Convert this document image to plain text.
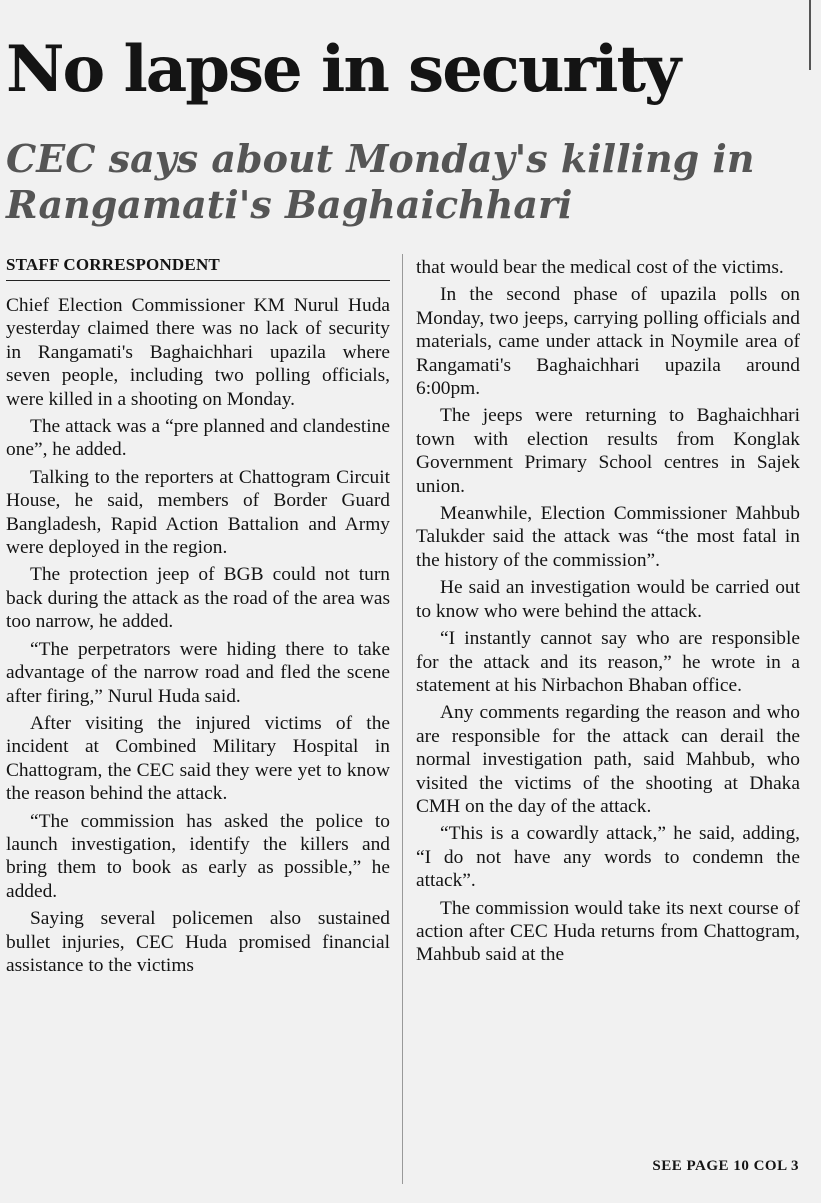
No lapse in security
CEC says about Monday's killing in Rangamati's Baghaichhari
STAFF CORRESPONDENT

Chief Election Commissioner KM Nurul Huda yesterday claimed there was no lack of security in Rangamati's Baghaichhari upazila where seven people, including two polling officials, were killed in a shooting on Monday.

The attack was a “pre planned and clandestine one”, he added.

Talking to the reporters at Chattogram Circuit House, he said, members of Border Guard Bangladesh, Rapid Action Battalion and Army were deployed in the region.

The protection jeep of BGB could not turn back during the attack as the road of the area was too narrow, he added.

“The perpetrators were hiding there to take advantage of the narrow road and fled the scene after firing,” Nurul Huda said.

After visiting the injured victims of the incident at Combined Military Hospital in Chattogram, the CEC said they were yet to know the reason behind the attack.

“The commission has asked the police to launch investigation, identify the killers and bring them to book as early as possible,” he added.

Saying several policemen also sustained bullet injuries, CEC Huda promised financial assistance to the victims

that would bear the medical cost of the victims.

In the second phase of upazila polls on Monday, two jeeps, carrying polling officials and materials, came under attack in Noymile area of Rangamati's Baghaichhari upazila around 6:00pm.

The jeeps were returning to Baghaichhari town with election results from Konglak Government Primary School centres in Sajek union.

Meanwhile, Election Commissioner Mahbub Talukder said the attack was “the most fatal in the history of the commission”.

He said an investigation would be carried out to know who were behind the attack.

“I instantly cannot say who are responsible for the attack and its reason,” he wrote in a statement at his Nirbachon Bhaban office.

Any comments regarding the reason and who are responsible for the attack can derail the normal investigation path, said Mahbub, who visited the victims of the shooting at Dhaka CMH on the day of the attack.

“This is a cowardly attack,” he said, adding, “I do not have any words to condemn the attack”.

The commission would take its next course of action after CEC Huda returns from Chattogram, Mahbub said at the

SEE PAGE 10 COL 3
